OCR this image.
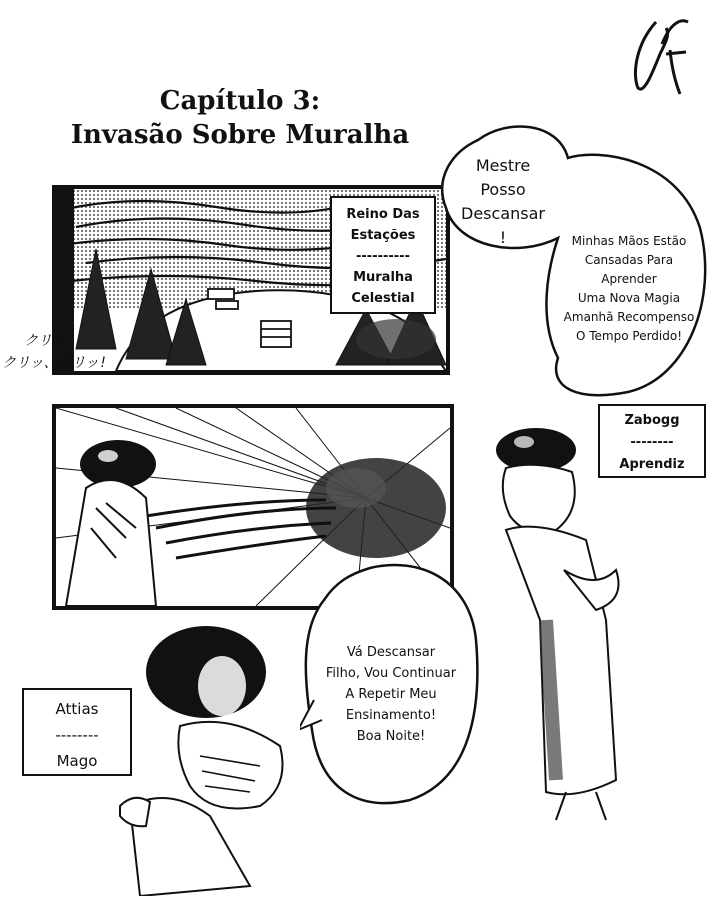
Capítulo 3:
Invasão Sobre Muralha
Reino Das
Estações
----------
Muralha
Celestial
クリッ
クリッ、クリッ!
Mestre
Posso
Descansar
!	Minhas Mãos Estão
Cansadas Para
Aprender
Uma Nova Magia
Amanhã Recompenso
O Tempo Perdido!
Zabogg
--------
Aprendiz
Vá Descansar
Filho, Vou Continuar
A Repetir Meu
Ensinamento!
Boa Noite!
Attias
--------
Mago
